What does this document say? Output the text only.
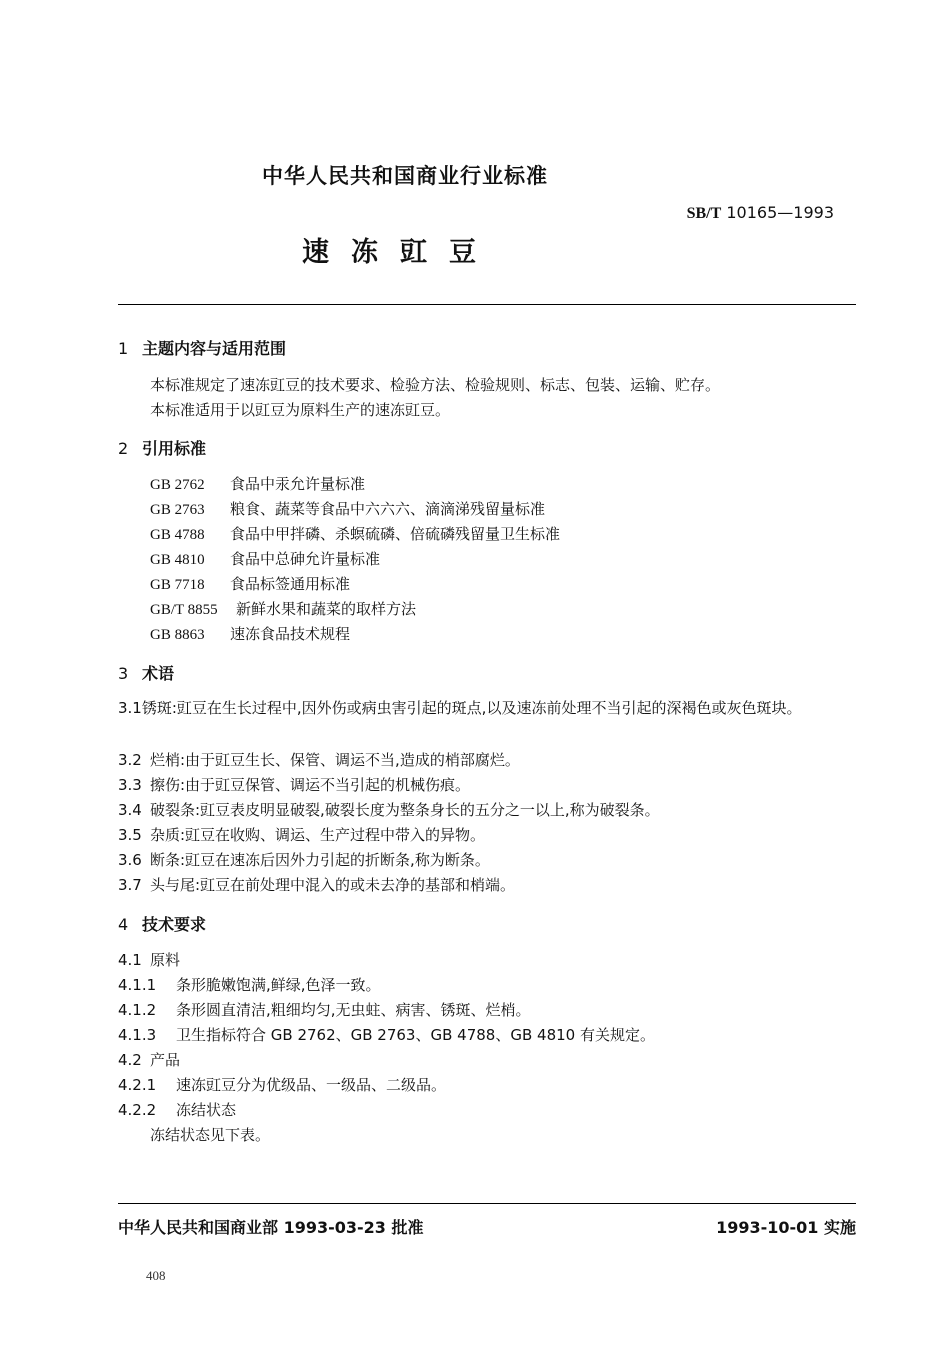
中华人民共和国商业行业标准
SB/T 10165—1993
速冻豇豆
1 主题内容与适用范围
本标准规定了速冻豇豆的技术要求、检验方法、检验规则、标志、包装、运输、贮存。
本标准适用于以豇豆为原料生产的速冻豇豆。
2 引用标准
GB 2762 食品中汞允许量标准
GB 2763 粮食、蔬菜等食品中六六六、滴滴涕残留量标准
GB 4788 食品中甲拌磷、杀螟硫磷、倍硫磷残留量卫生标准
GB 4810 食品中总砷允许量标准
GB 7718 食品标签通用标准
GB/T 8855 新鲜水果和蔬菜的取样方法
GB 8863 速冻食品技术规程
3 术语
3.1锈斑:豇豆在生长过程中,因外伤或病虫害引起的斑点,以及速冻前处理不当引起的深褐色或灰色斑块。
3.2 烂梢:由于豇豆生长、保管、调运不当,造成的梢部腐烂。
3.3 擦伤:由于豇豆保管、调运不当引起的机械伤痕。
3.4 破裂条:豇豆表皮明显破裂,破裂长度为整条身长的五分之一以上,称为破裂条。
3.5 杂质:豇豆在收购、调运、生产过程中带入的异物。
3.6 断条:豇豆在速冻后因外力引起的折断条,称为断条。
3.7 头与尾:豇豆在前处理中混入的或未去净的基部和梢端。
4 技术要求
4.1 原料
4.1.1 条形脆嫩饱满,鲜绿,色泽一致。
4.1.2 条形圆直清洁,粗细均匀,无虫蛀、病害、锈斑、烂梢。
4.1.3 卫生指标符合 GB 2762、GB 2763、GB 4788、GB 4810 有关规定。
4.2 产品
4.2.1 速冻豇豆分为优级品、一级品、二级品。
4.2.2 冻结状态
冻结状态见下表。
中华人民共和国商业部 1993-03-23 批准	1993-10-01 实施
408
